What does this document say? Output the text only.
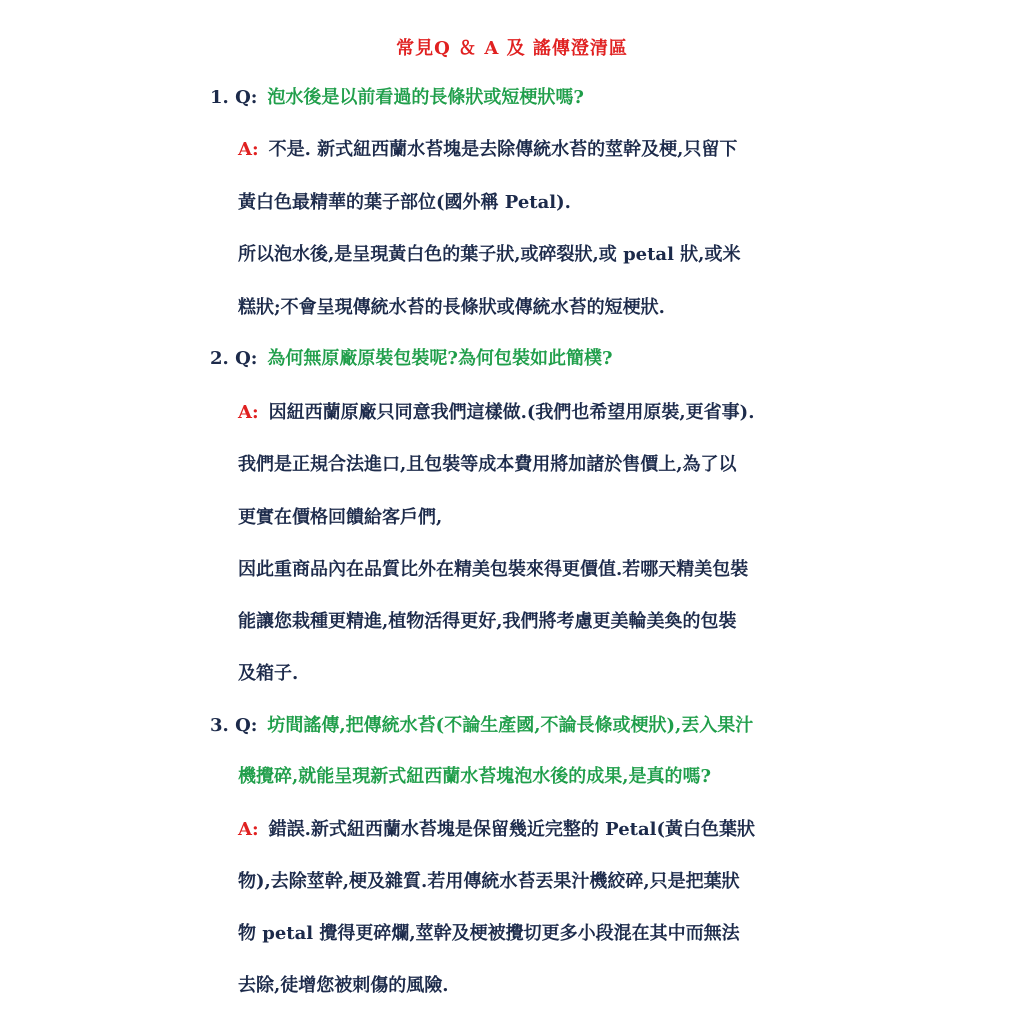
常見Q ＆ A 及 謠傳澄清區
1. Q: 泡水後是以前看過的長條狀或短梗狀嗎?
A: 不是. 新式紐西蘭水苔塊是去除傳統水苔的莖幹及梗,只留下
黃白色最精華的葉子部位(國外稱 Petal).
所以泡水後,是呈現黃白色的葉子狀,或碎裂狀,或 petal 狀,或米
糕狀;不會呈現傳統水苔的長條狀或傳統水苔的短梗狀.
2. Q: 為何無原廠原裝包裝呢?為何包裝如此簡樸?
A: 因紐西蘭原廠只同意我們這樣做.(我們也希望用原裝,更省事).
我們是正規合法進口,且包裝等成本費用將加諸於售價上,為了以
更實在價格回饋給客戶們,
因此重商品內在品質比外在精美包裝來得更價值.若哪天精美包裝
能讓您栽種更精進,植物活得更好,我們將考慮更美輪美奐的包裝
及箱子.
3. Q: 坊間謠傳,把傳統水苔(不論生產國,不論長條或梗狀),丟入果汁
機攪碎,就能呈現新式紐西蘭水苔塊泡水後的成果,是真的嗎?
A: 錯誤.新式紐西蘭水苔塊是保留幾近完整的 Petal(黃白色葉狀
物),去除莖幹,梗及雜質.若用傳統水苔丟果汁機絞碎,只是把葉狀
物 petal 攪得更碎爛,莖幹及梗被攪切更多小段混在其中而無法
去除,徒增您被刺傷的風險.
